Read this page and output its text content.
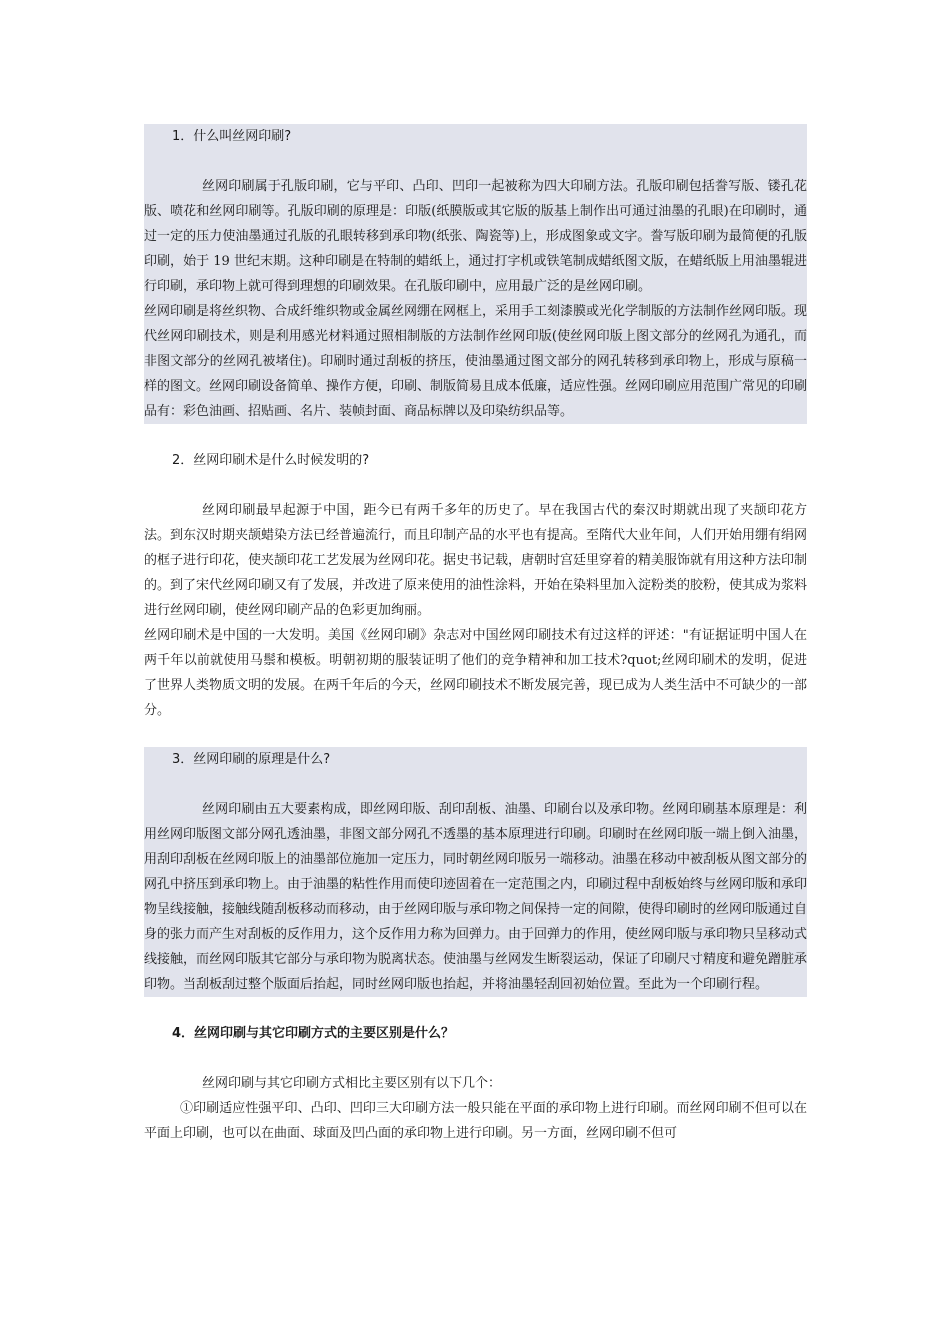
1．什么叫丝网印刷?

丝网印刷属于孔版印刷，它与平印、凸印、凹印一起被称为四大印刷方法。孔版印刷包括誊写版、镂孔花版、喷花和丝网印刷等。孔版印刷的原理是：印版(纸膜版或其它版的版基上制作出可通过油墨的孔眼)在印刷时，通过一定的压力使油墨通过孔版的孔眼转移到承印物(纸张、陶瓷等)上，形成图象或文字。誊写版印刷为最简便的孔版印刷，始于 19 世纪末期。这种印刷是在特制的蜡纸上，通过打字机或铁笔制成蜡纸图文版，在蜡纸版上用油墨辊进行印刷，承印物上就可得到理想的印刷效果。在孔版印刷中，应用最广泛的是丝网印刷。

丝网印刷是将丝织物、合成纤维织物或金属丝网绷在网框上，采用手工刻漆膜或光化学制版的方法制作丝网印版。现代丝网印刷技术，则是利用感光材料通过照相制版的方法制作丝网印版(使丝网印版上图文部分的丝网孔为通孔，而非图文部分的丝网孔被堵住)。印刷时通过刮板的挤压，使油墨通过图文部分的网孔转移到承印物上，形成与原稿一样的图文。丝网印刷设备简单、操作方便，印刷、制版简易且成本低廉，适应性强。丝网印刷应用范围广常见的印刷品有：彩色油画、招贴画、名片、装帧封面、商品标牌以及印染纺织品等。

2．丝网印刷术是什么时候发明的?

丝网印刷最早起源于中国，距今已有两千多年的历史了。早在我国古代的秦汉时期就出现了夹颉印花方法。到东汉时期夹颉蜡染方法已经普遍流行，而且印制产品的水平也有提高。至隋代大业年间，人们开始用绷有绢网的框子进行印花，使夹颉印花工艺发展为丝网印花。据史书记载，唐朝时宫廷里穿着的精美服饰就有用这种方法印制的。到了宋代丝网印刷又有了发展，并改进了原来使用的油性涂料，开始在染料里加入淀粉类的胶粉，使其成为浆料进行丝网印刷，使丝网印刷产品的色彩更加绚丽。

丝网印刷术是中国的一大发明。美国《丝网印刷》杂志对中国丝网印刷技术有过这样的评述："有证据证明中国人在两千年以前就使用马鬃和模板。明朝初期的服装证明了他们的竞争精神和加工技术?quot;丝网印刷术的发明，促进了世界人类物质文明的发展。在两千年后的今天，丝网印刷技术不断发展完善，现已成为人类生活中不可缺少的一部分。

3．丝网印刷的原理是什么?

丝网印刷由五大要素构成，即丝网印版、刮印刮板、油墨、印刷台以及承印物。丝网印刷基本原理是：利用丝网印版图文部分网孔透油墨，非图文部分网孔不透墨的基本原理进行印刷。印刷时在丝网印版一端上倒入油墨，用刮印刮板在丝网印版上的油墨部位施加一定压力，同时朝丝网印版另一端移动。油墨在移动中被刮板从图文部分的网孔中挤压到承印物上。由于油墨的粘性作用而使印迹固着在一定范围之内，印刷过程中刮板始终与丝网印版和承印物呈线接触，接触线随刮板移动而移动，由于丝网印版与承印物之间保持一定的间隙，使得印刷时的丝网印版通过自身的张力而产生对刮板的反作用力，这个反作用力称为回弹力。由于回弹力的作用，使丝网印版与承印物只呈移动式线接触，而丝网印版其它部分与承印物为脱离状态。使油墨与丝网发生断裂运动，保证了印刷尺寸精度和避免蹭脏承印物。当刮板刮过整个版面后抬起，同时丝网印版也抬起，并将油墨轻刮回初始位置。至此为一个印刷行程。

4．丝网印刷与其它印刷方式的主要区别是什么？

丝网印刷与其它印刷方式相比主要区别有以下几个：

①印刷适应性强平印、凸印、凹印三大印刷方法一般只能在平面的承印物上进行印刷。而丝网印刷不但可以在平面上印刷，也可以在曲面、球面及凹凸面的承印物上进行印刷。另一方面，丝网印刷不但可
